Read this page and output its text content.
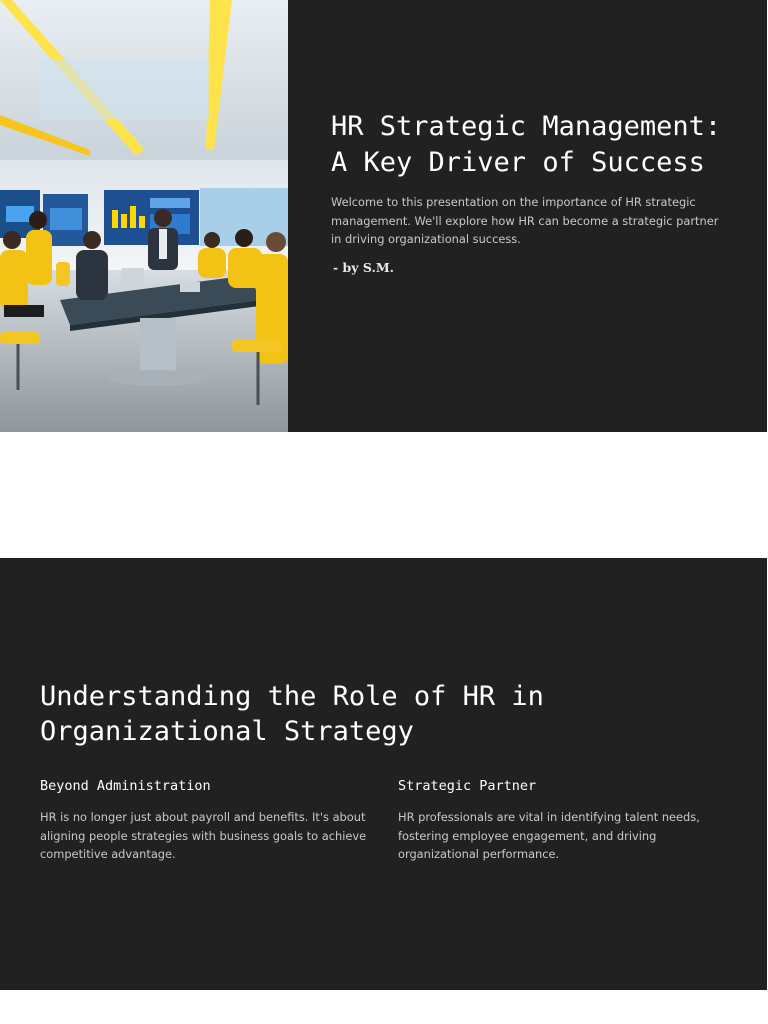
HR Strategic Management: A Key Driver of Success

Welcome to this presentation on the importance of HR strategic management. We'll explore how HR can become a strategic partner in driving organizational success.

- by S.M.

Understanding the Role of HR in Organizational Strategy
Beyond Administration

HR is no longer just about payroll and benefits. It's about aligning people strategies with business goals to achieve competitive advantage.

Strategic Partner

HR professionals are vital in identifying talent needs, fostering employee engagement, and driving organizational performance.
